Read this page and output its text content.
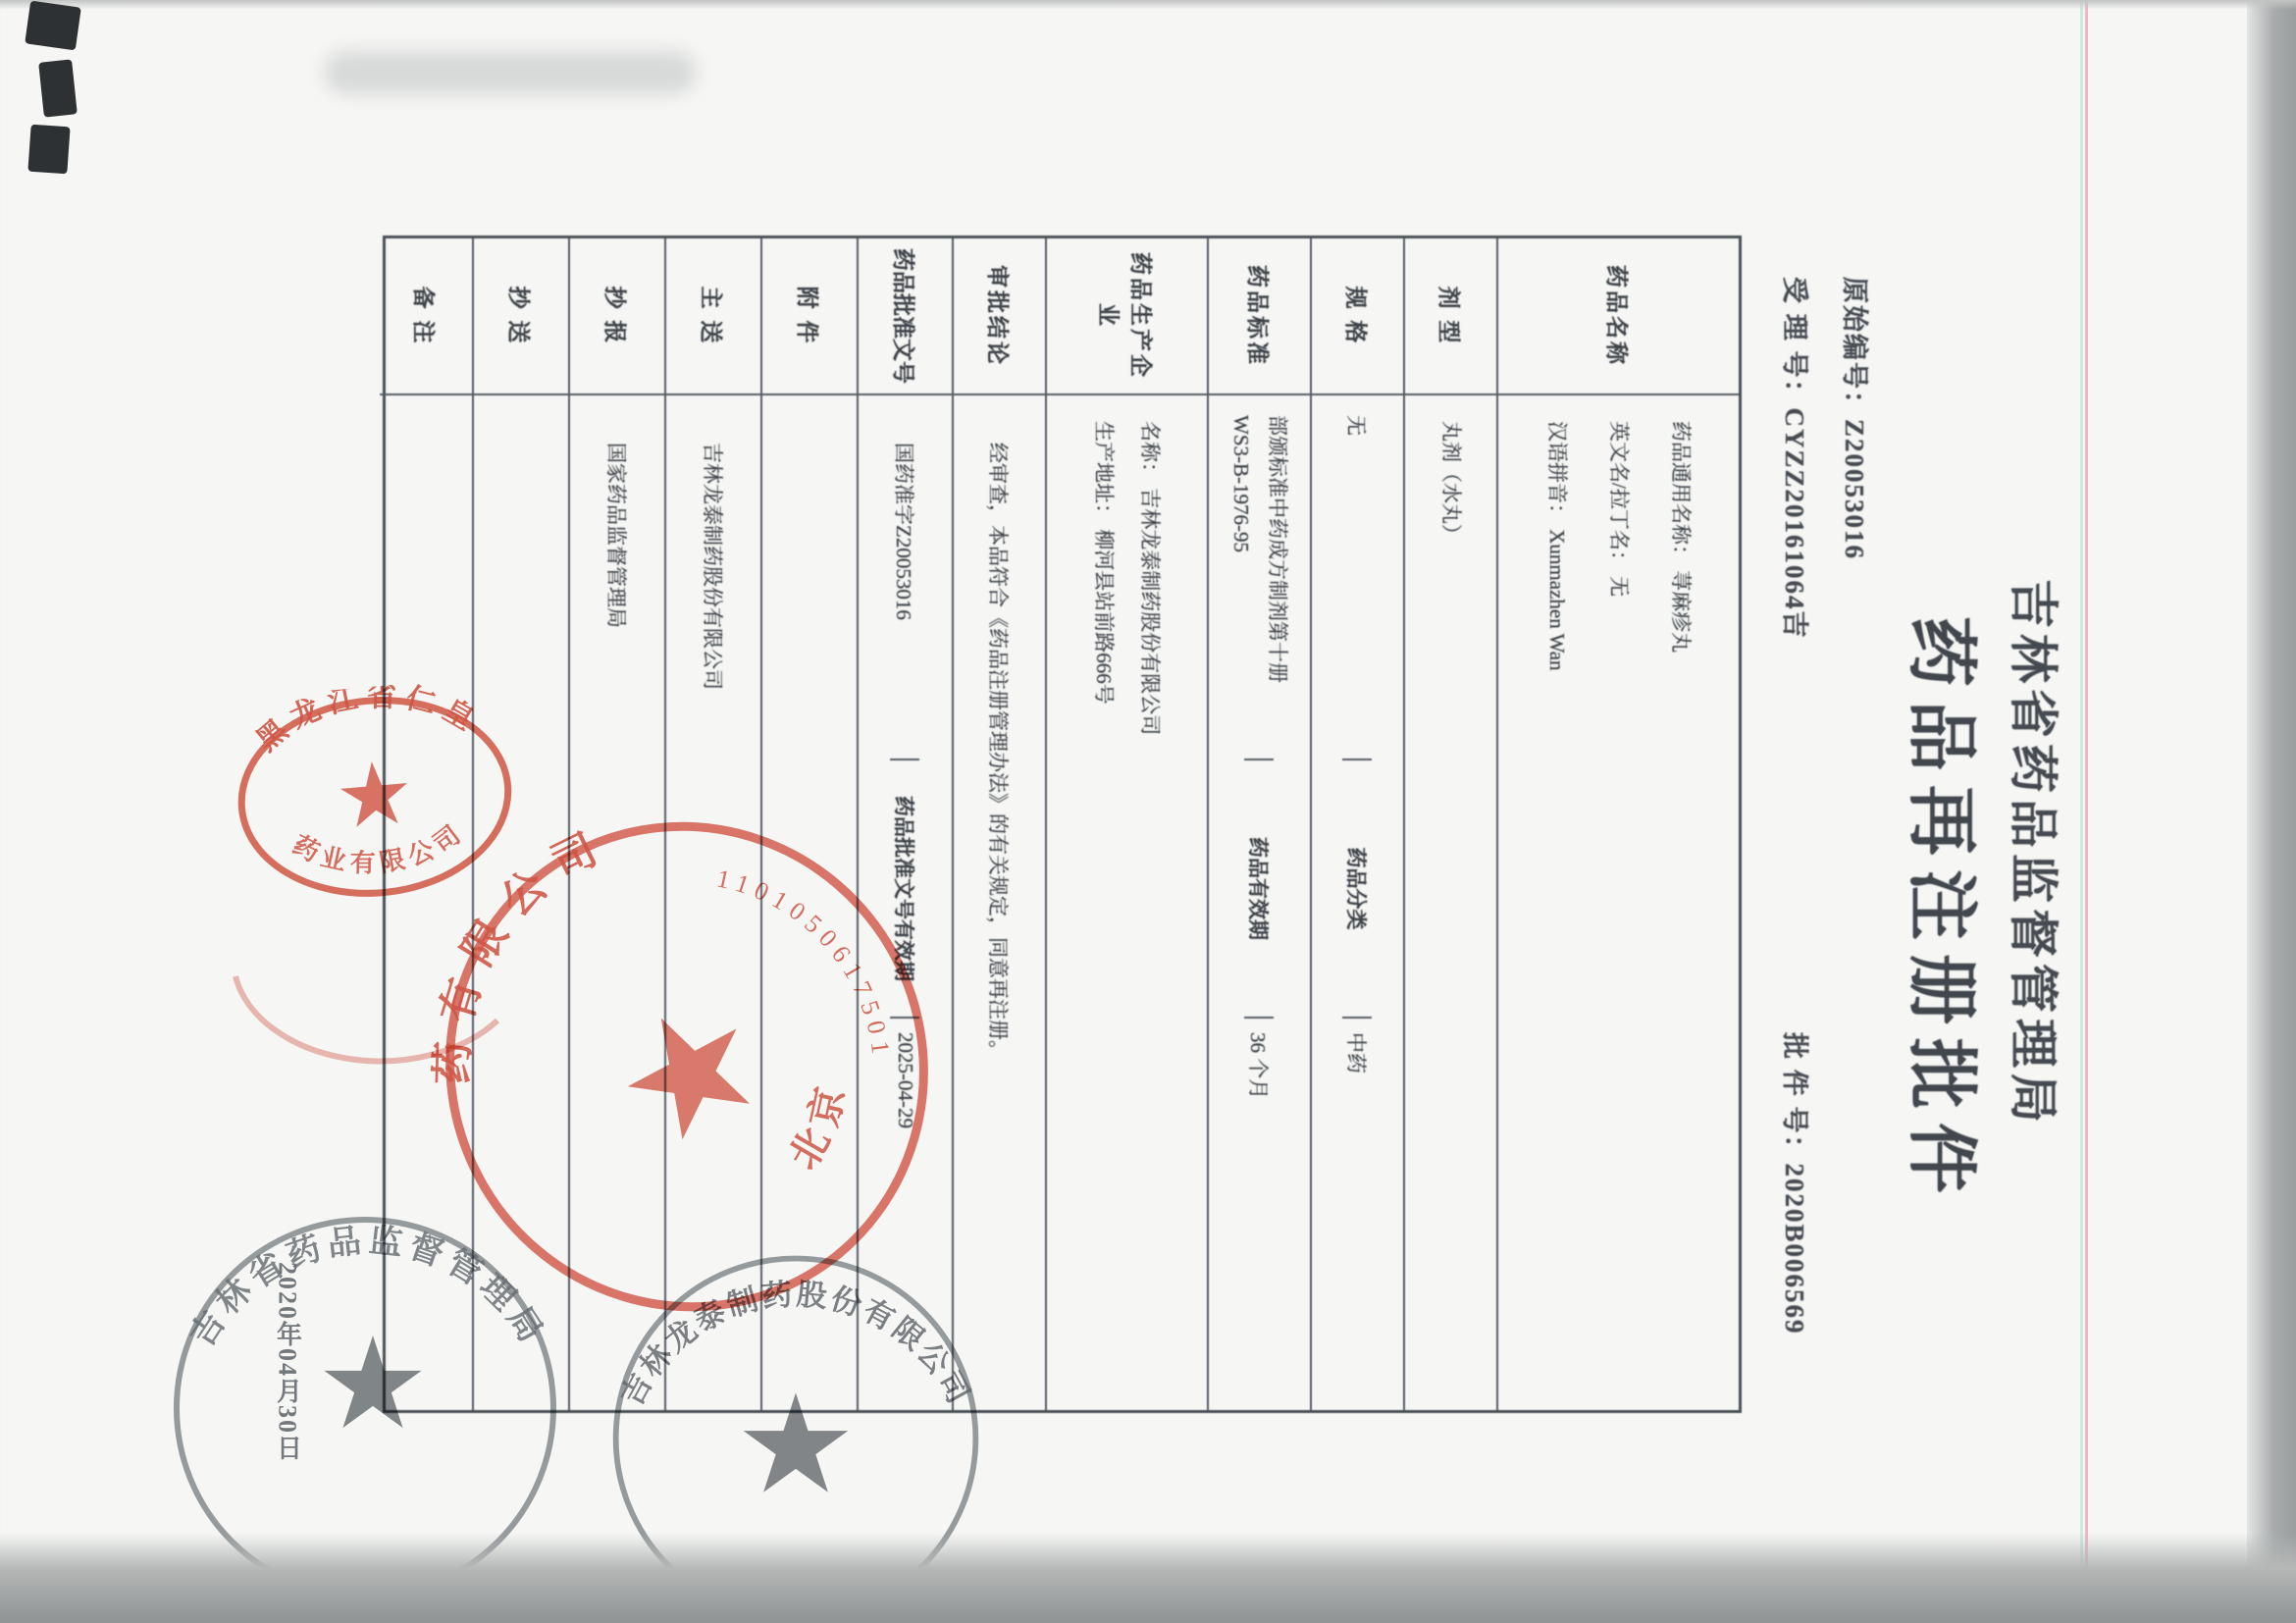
吉林省药品监督管理局
药品再注册批件
原始编号：Z20053016
受 理 号：CYZZ20161064吉
批 件 号：2020B006569
药品名称
药品通用名称： 荨麻疹丸
英文名/拉丁名： 无
汉语拼音： Xunmazhen Wan
剂 型
丸剂（水丸）
规 格
无
药品分类
中药
药品标准
部颁标准中药成方制剂第十册
WS3-B-1976-95
药品有效期
36 个月
药品生产企业
名称： 吉林龙泰制药股份有限公司
生产地址： 柳河县站前路666号
审批结论
经审查，本品符合《药品注册管理办法》的有关规定，同意再注册。
药品批准文号
国药准字Z20053016
药品批准文号有效期
2025-04-29
附 件
主 送
吉林龙泰制药股份有限公司
抄 报
国家药品监督管理局
抄 送
备 注
黑龙江省仁皇
药业有限公司
药有限公司	1101050617501
北京
吉林省药品监督管理局
2020年04月30日	吉林龙泰制药股份有限公司
